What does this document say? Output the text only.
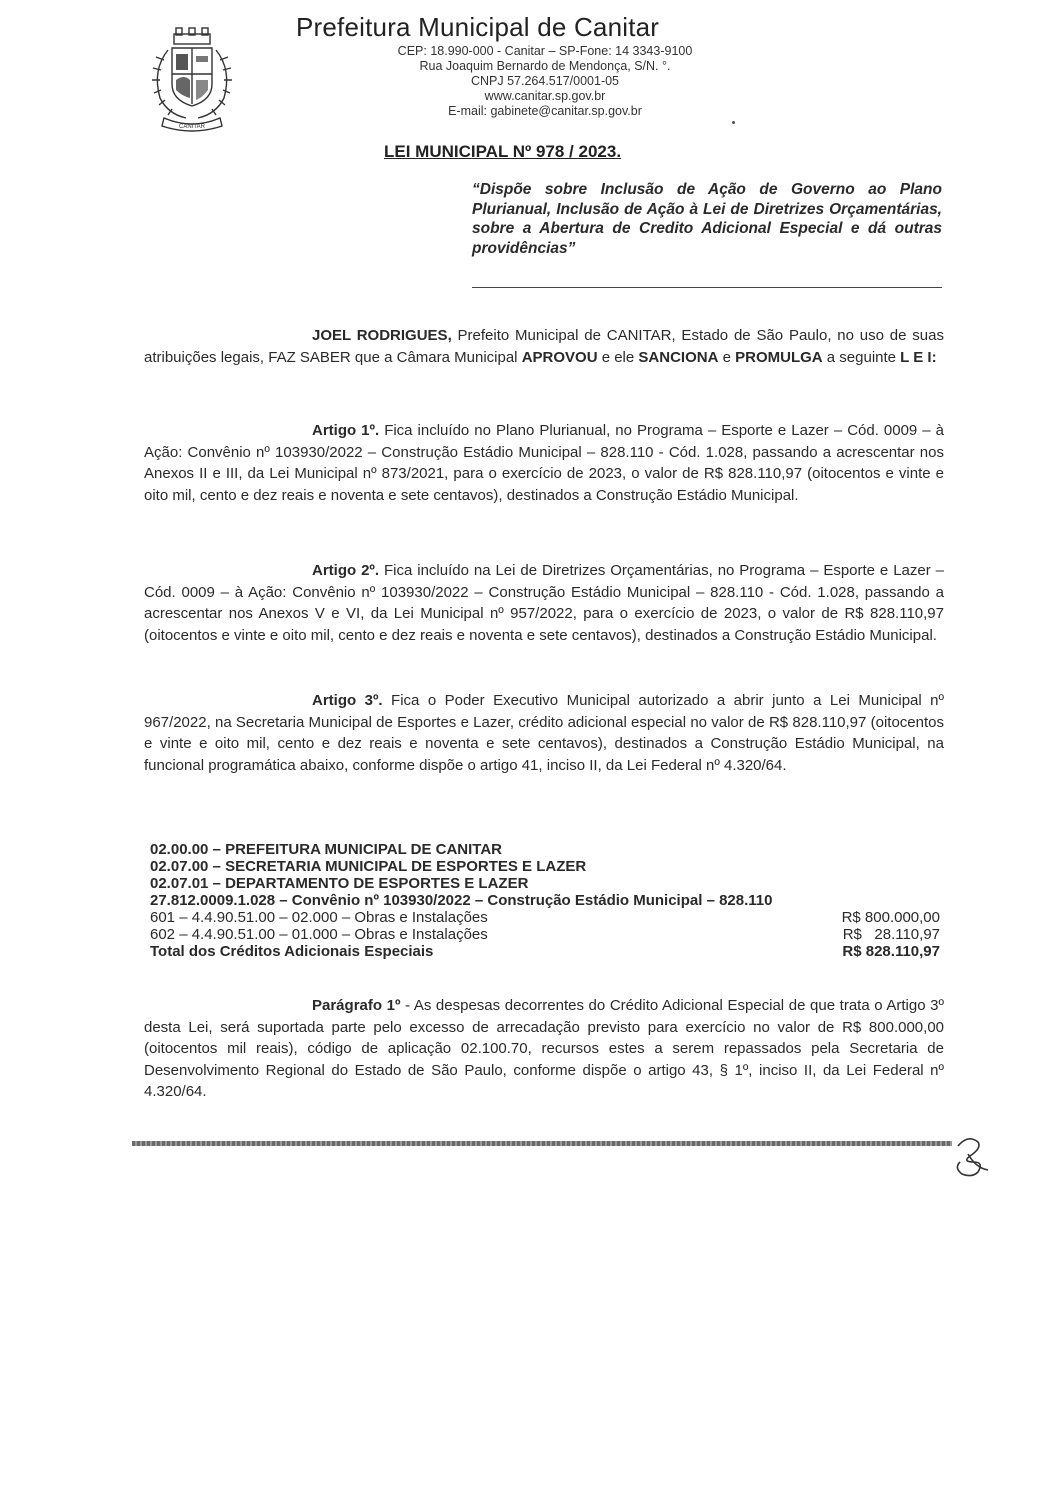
CANITAR
Prefeitura Municipal de Canitar
CEP: 18.990-000 - Canitar – SP-Fone: 14 3343-9100
Rua Joaquim Bernardo de Mendonça, S/N. °.
CNPJ 57.264.517/0001-05
www.canitar.sp.gov.br
E-mail: gabinete@canitar.sp.gov.br
LEI MUNICIPAL Nº 978 / 2023.
“Dispõe sobre Inclusão de Ação de Governo ao Plano Plurianual, Inclusão de Ação à Lei de Diretrizes Orçamentárias, sobre a Abertura de Credito Adicional Especial e dá outras providências”
JOEL RODRIGUES, Prefeito Municipal de CANITAR, Estado de São Paulo, no uso de suas atribuições legais, FAZ SABER que a Câmara Municipal APROVOU e ele SANCIONA e PROMULGA a seguinte L E I:
Artigo 1º. Fica incluído no Plano Plurianual, no Programa – Esporte e Lazer – Cód. 0009 – à Ação: Convênio nº 103930/2022 – Construção Estádio Municipal – 828.110 - Cód. 1.028, passando a acrescentar nos Anexos II e III, da Lei Municipal nº 873/2021, para o exercício de 2023, o valor de R$ 828.110,97 (oitocentos e vinte e oito mil, cento e dez reais e noventa e sete centavos), destinados a Construção Estádio Municipal.
Artigo 2º. Fica incluído na Lei de Diretrizes Orçamentárias, no Programa – Esporte e Lazer – Cód. 0009 – à Ação: Convênio nº 103930/2022 – Construção Estádio Municipal – 828.110 - Cód. 1.028, passando a acrescentar nos Anexos V e VI, da Lei Municipal nº 957/2022, para o exercício de 2023, o valor de R$ 828.110,97 (oitocentos e vinte e oito mil, cento e dez reais e noventa e sete centavos), destinados a Construção Estádio Municipal.
Artigo 3º. Fica o Poder Executivo Municipal autorizado a abrir junto a Lei Municipal nº 967/2022, na Secretaria Municipal de Esportes e Lazer, crédito adicional especial no valor de R$ 828.110,97 (oitocentos e vinte e oito mil, cento e dez reais e noventa e sete centavos), destinados a Construção Estádio Municipal, na funcional programática abaixo, conforme dispõe o artigo 41, inciso II, da Lei Federal nº 4.320/64.
02.00.00 – PREFEITURA MUNICIPAL DE CANITAR
02.07.00 – SECRETARIA MUNICIPAL DE ESPORTES E LAZER
02.07.01 – DEPARTAMENTO DE ESPORTES E LAZER
27.812.0009.1.028 – Convênio nº 103930/2022 – Construção Estádio Municipal – 828.110
601 – 4.4.90.51.00 – 02.000 – Obras e Instalações	R$ 800.000,00
602 – 4.4.90.51.00 – 01.000 – Obras e Instalações	R$   28.110,97
Total dos Créditos Adicionais Especiais	R$ 828.110,97
Parágrafo 1º - As despesas decorrentes do Crédito Adicional Especial de que trata o Artigo 3º desta Lei, será suportada parte pelo excesso de arrecadação previsto para exercício no valor de R$ 800.000,00 (oitocentos mil reais), código de aplicação 02.100.70, recursos estes a serem repassados pela Secretaria de Desenvolvimento Regional do Estado de São Paulo, conforme dispõe o artigo 43, § 1º, inciso II, da Lei Federal nº 4.320/64.
